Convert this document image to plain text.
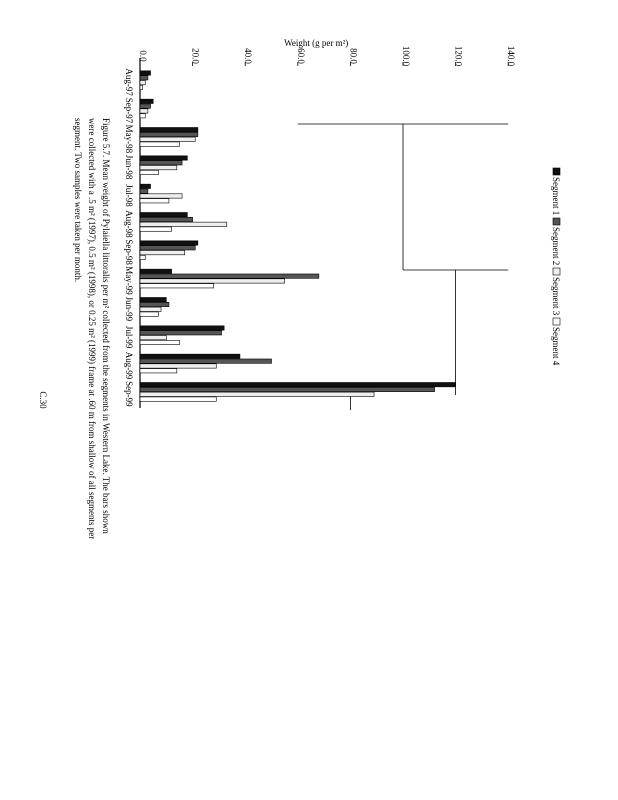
Weight (g per m²)
0.0	20.0	40.0	60.0	80.0	100.0	120.0	140.0
Aug-97
Sep-97
May-98
Jun-98
Jul-98
Aug-98
Sep-98
May-99
Jun-99
Jul-99
Aug-99
Sep-99
Segment 1
Segment 2
Segment 3
Segment 4
Figure 5.7. Mean weight of Pylaiella littoralis per m² collected from the segments in Western Lake. The bars shown
were collected with a .5 m² (1997), 0.5 m² (1998), or 0.25 m² (1999) frame at .60 m from shallow of all segments per
segment. Two samples were taken per month.
C.30
